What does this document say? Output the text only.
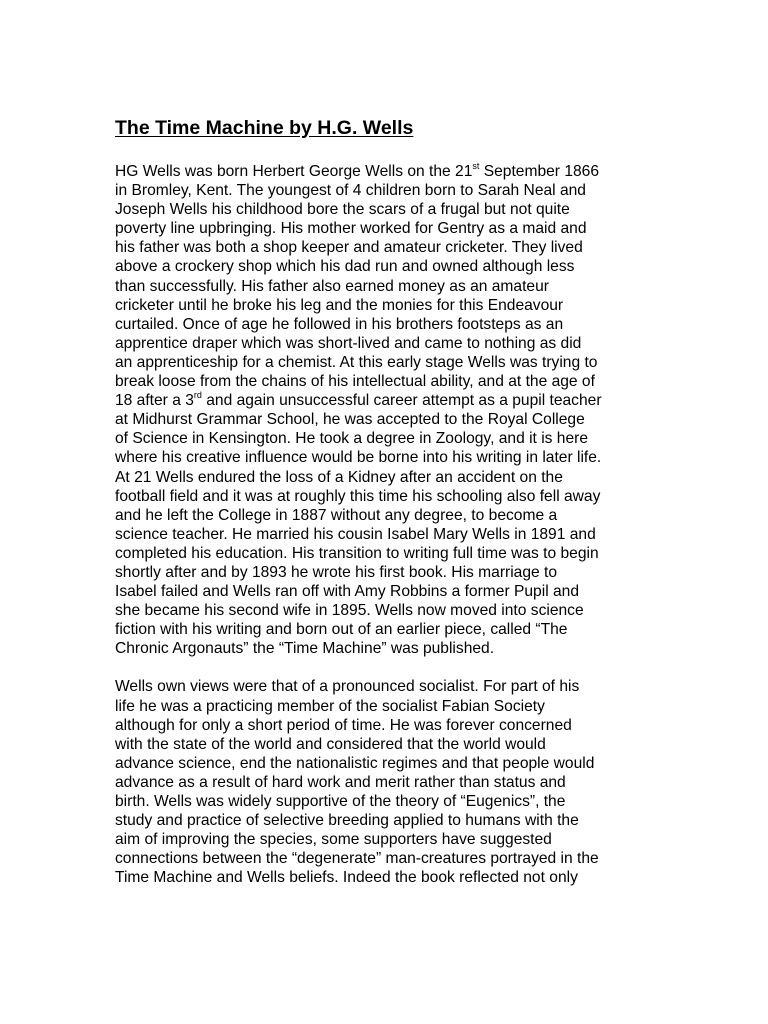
The Time Machine by H.G. Wells

HG Wells was born Herbert George Wells on the 21st September 1866
in Bromley, Kent. The youngest of 4 children born to Sarah Neal and
Joseph Wells his childhood bore the scars of a frugal but not quite
poverty line upbringing. His mother worked for Gentry as a maid and
his father was both a shop keeper and amateur cricketer. They lived
above a crockery shop which his dad run and owned although less
than successfully. His father also earned money as an amateur
cricketer until he broke his leg and the monies for this Endeavour
curtailed. Once of age he followed in his brothers footsteps as an
apprentice draper which was short-lived and came to nothing as did
an apprenticeship for a chemist. At this early stage Wells was trying to
break loose from the chains of his intellectual ability, and at the age of
18 after a 3rd and again unsuccessful career attempt as a pupil teacher
at Midhurst Grammar School, he was accepted to the Royal College
of Science in Kensington. He took a degree in Zoology, and it is here
where his creative influence would be borne into his writing in later life.
At 21 Wells endured the loss of a Kidney after an accident on the
football field and it was at roughly this time his schooling also fell away
and he left the College in 1887 without any degree, to become a
science teacher. He married his cousin Isabel Mary Wells in 1891 and
completed his education. His transition to writing full time was to begin
shortly after and by 1893 he wrote his first book. His marriage to
Isabel failed and Wells ran off with Amy Robbins a former Pupil and
she became his second wife in 1895. Wells now moved into science
fiction with his writing and born out of an earlier piece, called “The
Chronic Argonauts” the “Time Machine” was published.

Wells own views were that of a pronounced socialist. For part of his
life he was a practicing member of the socialist Fabian Society
although for only a short period of time. He was forever concerned
with the state of the world and considered that the world would
advance science, end the nationalistic regimes and that people would
advance as a result of hard work and merit rather than status and
birth. Wells was widely supportive of the theory of “Eugenics”, the
study and practice of selective breeding applied to humans with the
aim of improving the species, some supporters have suggested
connections between the “degenerate” man-creatures portrayed in the
Time Machine and Wells beliefs. Indeed the book reflected not only
